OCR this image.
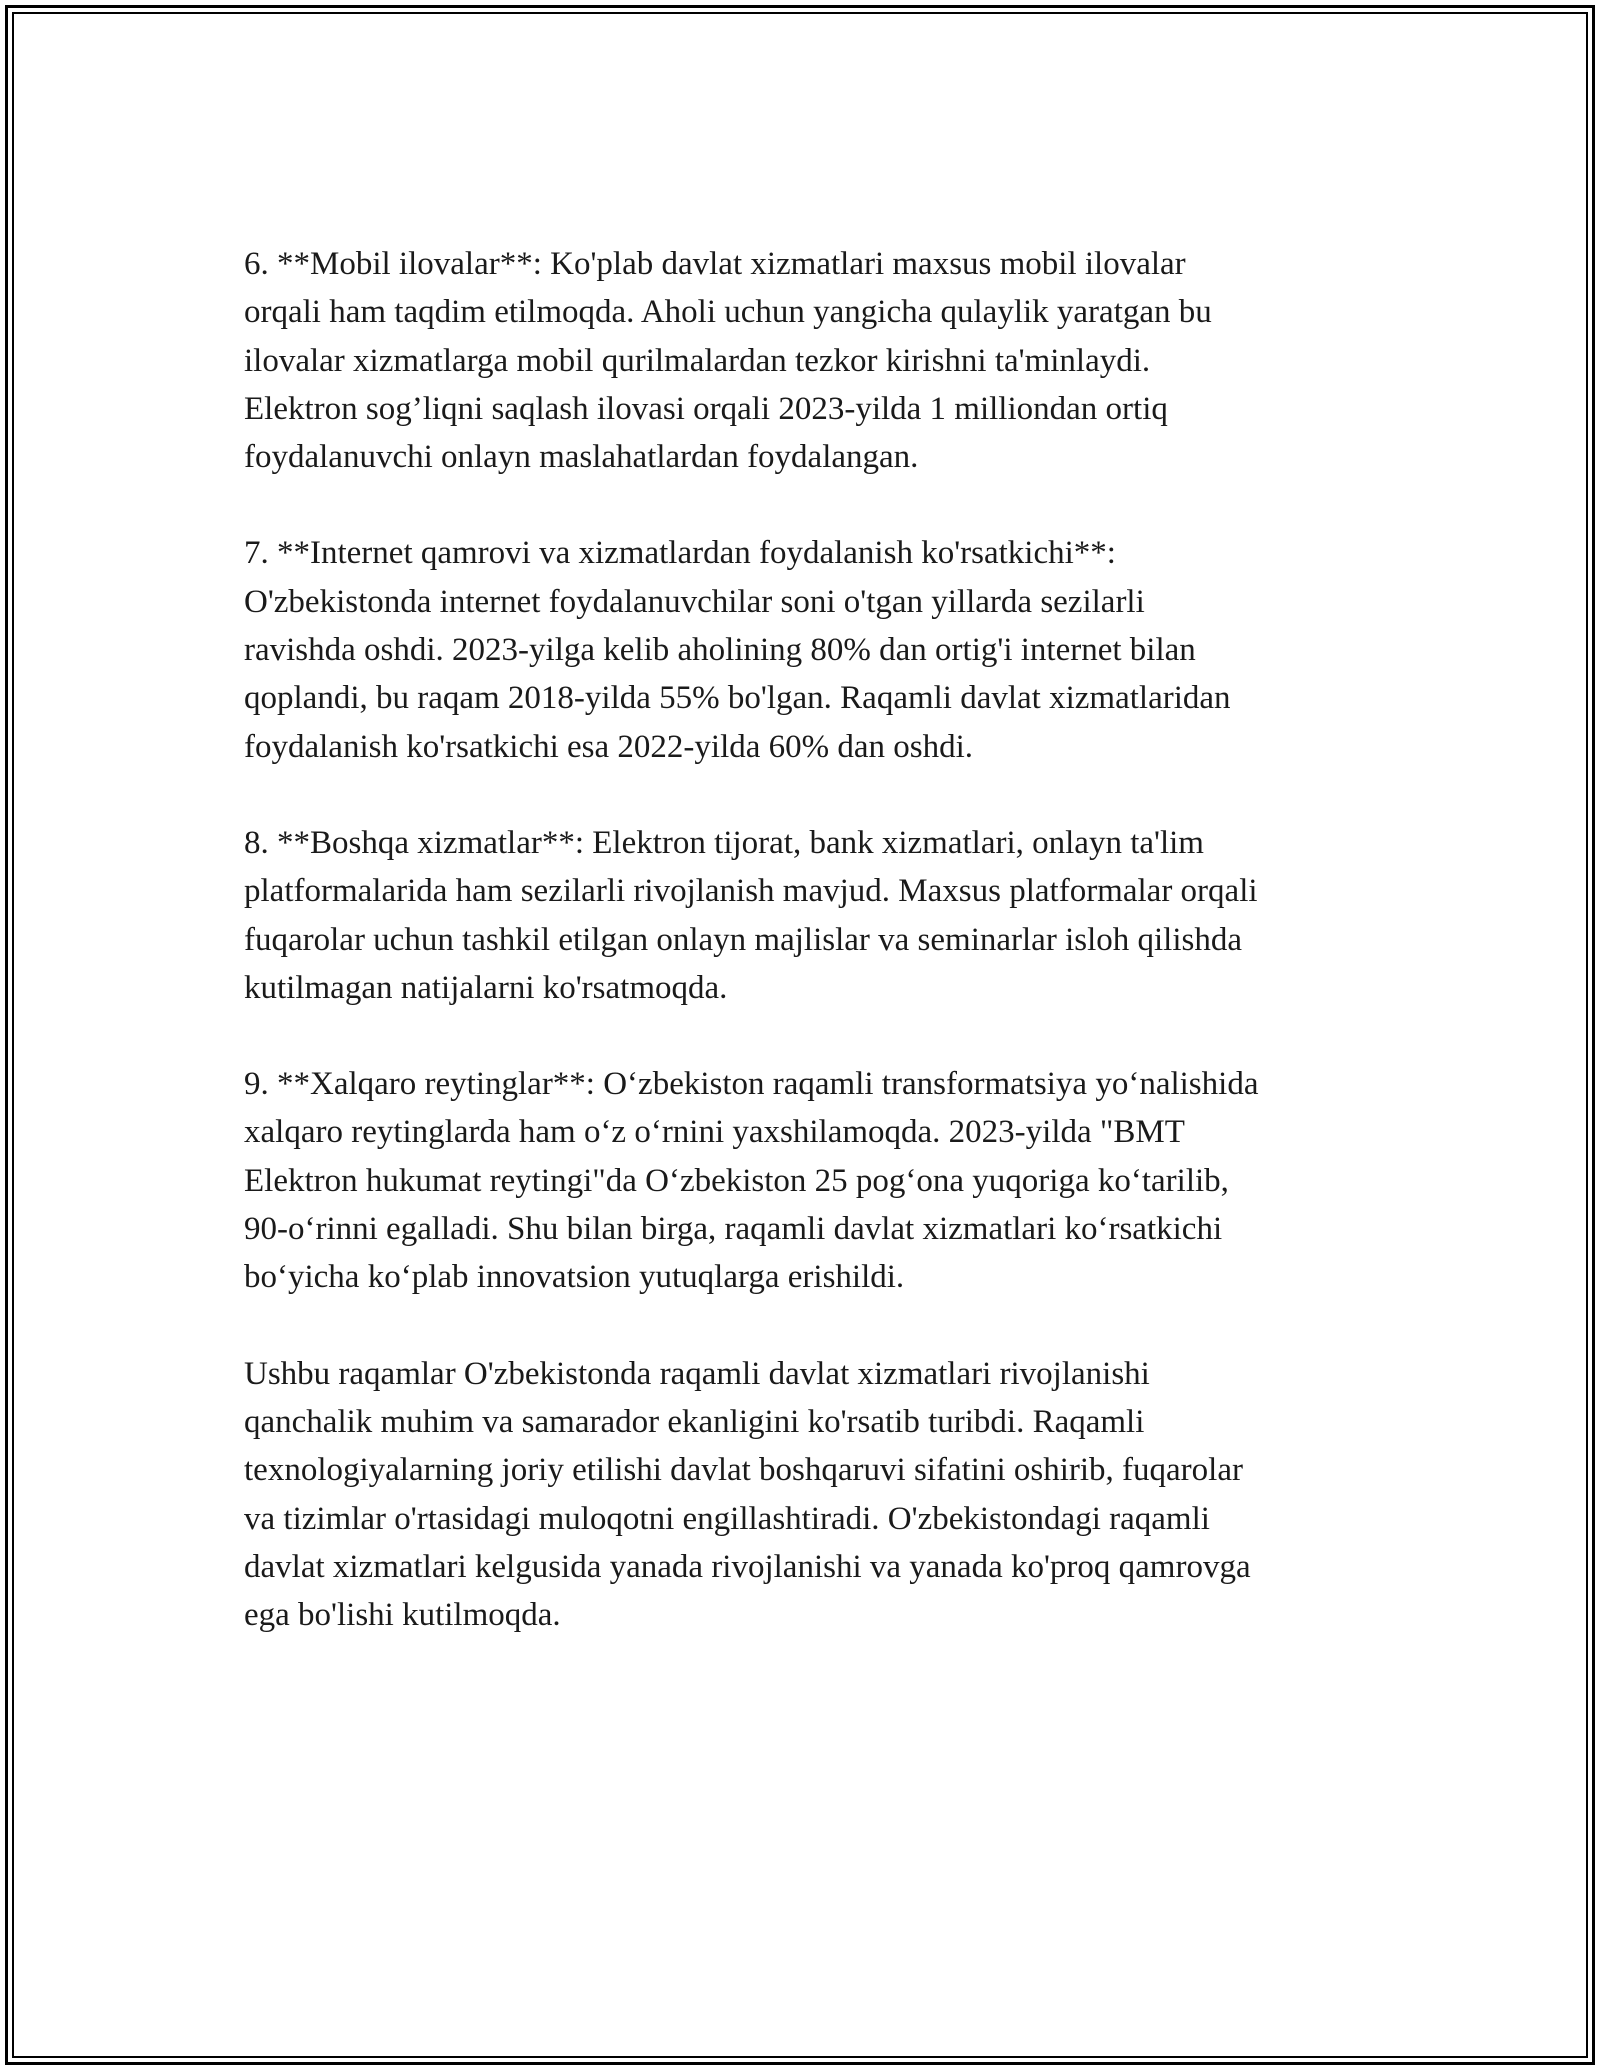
6. **Mobil ilovalar**: Ko'plab davlat xizmatlari maxsus mobil ilovalar
orqali ham taqdim etilmoqda. Aholi uchun yangicha qulaylik yaratgan bu
ilovalar xizmatlarga mobil qurilmalardan tezkor kirishni ta'minlaydi.
Elektron sog’liqni saqlash ilovasi orqali 2023-yilda 1 milliondan ortiq
foydalanuvchi onlayn maslahatlardan foydalangan.

7. **Internet qamrovi va xizmatlardan foydalanish ko'rsatkichi**:
O'zbekistonda internet foydalanuvchilar soni o'tgan yillarda sezilarli
ravishda oshdi. 2023-yilga kelib aholining 80% dan ortig'i internet bilan
qoplandi, bu raqam 2018-yilda 55% bo'lgan. Raqamli davlat xizmatlaridan
foydalanish ko'rsatkichi esa 2022-yilda 60% dan oshdi.

8. **Boshqa xizmatlar**: Elektron tijorat, bank xizmatlari, onlayn ta'lim
platformalarida ham sezilarli rivojlanish mavjud. Maxsus platformalar orqali
fuqarolar uchun tashkil etilgan onlayn majlislar va seminarlar isloh qilishda
kutilmagan natijalarni ko'rsatmoqda.

9. **Xalqaro reytinglar**: O‘zbekiston raqamli transformatsiya yo‘nalishida
xalqaro reytinglarda ham o‘z o‘rnini yaxshilamoqda. 2023-yilda "BMT
Elektron hukumat reytingi"da O‘zbekiston 25 pog‘ona yuqoriga ko‘tarilib,
90-o‘rinni egalladi. Shu bilan birga, raqamli davlat xizmatlari ko‘rsatkichi
bo‘yicha ko‘plab innovatsion yutuqlarga erishildi.

Ushbu raqamlar O'zbekistonda raqamli davlat xizmatlari rivojlanishi
qanchalik muhim va samarador ekanligini ko'rsatib turibdi. Raqamli
texnologiyalarning joriy etilishi davlat boshqaruvi sifatini oshirib, fuqarolar
va tizimlar o'rtasidagi muloqotni engillashtiradi. O'zbekistondagi raqamli
davlat xizmatlari kelgusida yanada rivojlanishi va yanada ko'proq qamrovga
ega bo'lishi kutilmoqda.
